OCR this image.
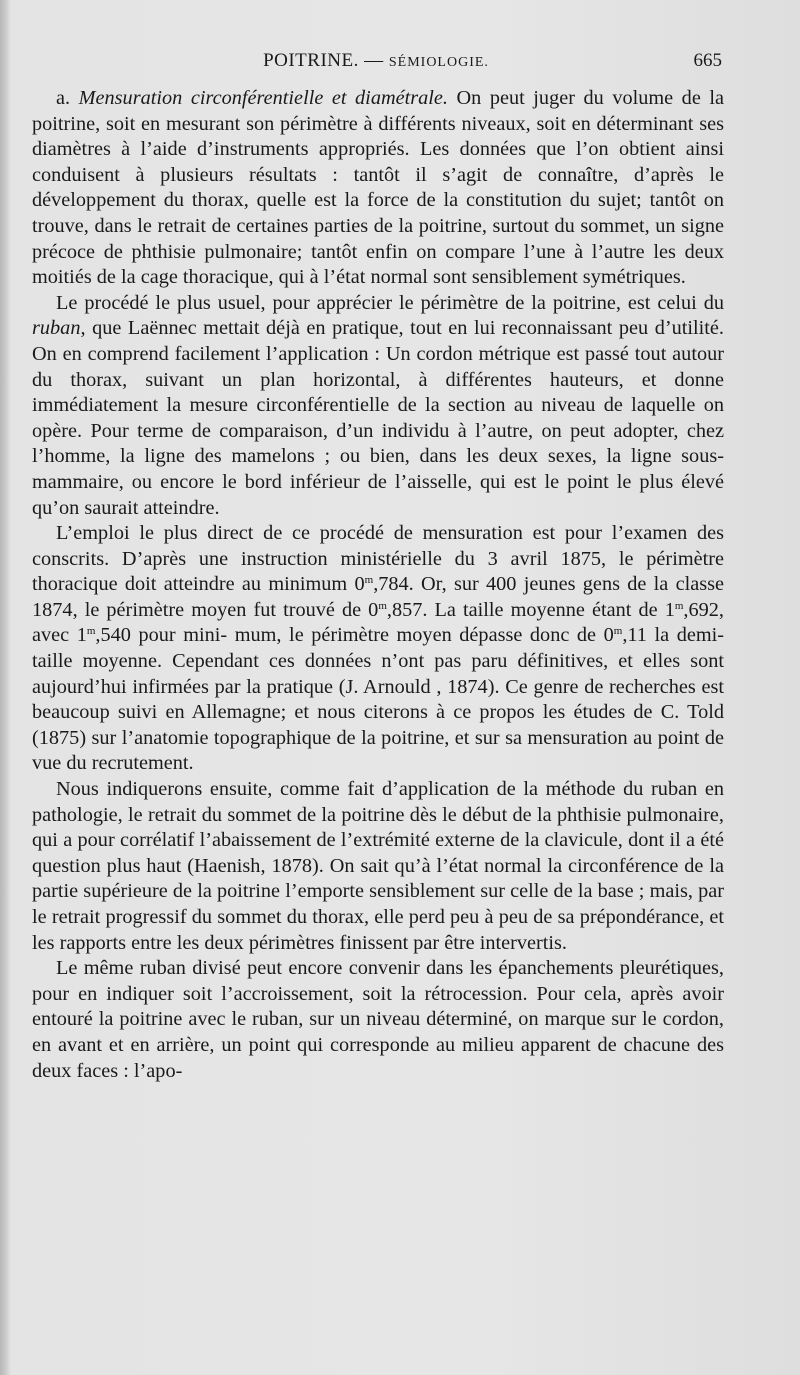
POITRINE. — SÉMIOLOGIE.	665

a. Mensuration circonférentielle et diamétrale. On peut juger du volume de la poitrine, soit en mesurant son périmètre à différents niveaux, soit en déterminant ses diamètres à l’aide d’instruments appropriés. Les données que l’on obtient ainsi conduisent à plusieurs résultats : tantôt il s’agit de connaître, d’après le développement du thorax, quelle est la force de la constitution du sujet; tantôt on trouve, dans le retrait de certaines parties de la poitrine, surtout du sommet, un signe précoce de phthisie pulmonaire; tantôt enfin on compare l’une à l’autre les deux moitiés de la cage thoracique, qui à l’état normal sont sensiblement symétriques.

Le procédé le plus usuel, pour apprécier le périmètre de la poitrine, est celui du ruban, que Laënnec mettait déjà en pratique, tout en lui reconnaissant peu d’utilité. On en comprend facilement l’application : Un cordon métrique est passé tout autour du thorax, suivant un plan horizontal, à différentes hauteurs, et donne immédiatement la mesure circonférentielle de la section au niveau de laquelle on opère. Pour terme de comparaison, d’un individu à l’autre, on peut adopter, chez l’homme, la ligne des mamelons ; ou bien, dans les deux sexes, la ligne sous-mammaire, ou encore le bord inférieur de l’aisselle, qui est le point le plus élevé qu’on saurait atteindre.

L’emploi le plus direct de ce procédé de mensuration est pour l’examen des conscrits. D’après une instruction ministérielle du 3 avril 1875, le périmètre thoracique doit atteindre au minimum 0$^m$,784. Or, sur 400 jeunes gens de la classe 1874, le périmètre moyen fut trouvé de 0$^m$,857. La taille moyenne étant de 1$^m$,692, avec 1$^m$,540 pour mini- mum, le périmètre moyen dépasse donc de 0$^m$,11 la demi-taille moyenne. Cependant ces données n’ont pas paru définitives, et elles sont aujourd’hui infirmées par la pratique (J. Arnould , 1874). Ce genre de recherches est beaucoup suivi en Allemagne; et nous citerons à ce propos les études de C. Told (1875) sur l’anatomie topographique de la poitrine, et sur sa mensuration au point de vue du recrutement.

Nous indiquerons ensuite, comme fait d’application de la méthode du ruban en pathologie, le retrait du sommet de la poitrine dès le début de la phthisie pulmonaire, qui a pour corrélatif l’abaissement de l’extrémité externe de la clavicule, dont il a été question plus haut (Haenish, 1878). On sait qu’à l’état normal la circonférence de la partie supérieure de la poitrine l’emporte sensiblement sur celle de la base ; mais, par le retrait progressif du sommet du thorax, elle perd peu à peu de sa prépondérance, et les rapports entre les deux périmètres finissent par être intervertis.

Le même ruban divisé peut encore convenir dans les épanchements pleurétiques, pour en indiquer soit l’accroissement, soit la rétrocession. Pour cela, après avoir entouré la poitrine avec le ruban, sur un niveau déterminé, on marque sur le cordon, en avant et en arrière, un point qui corresponde au milieu apparent de chacune des deux faces : l’apo-
